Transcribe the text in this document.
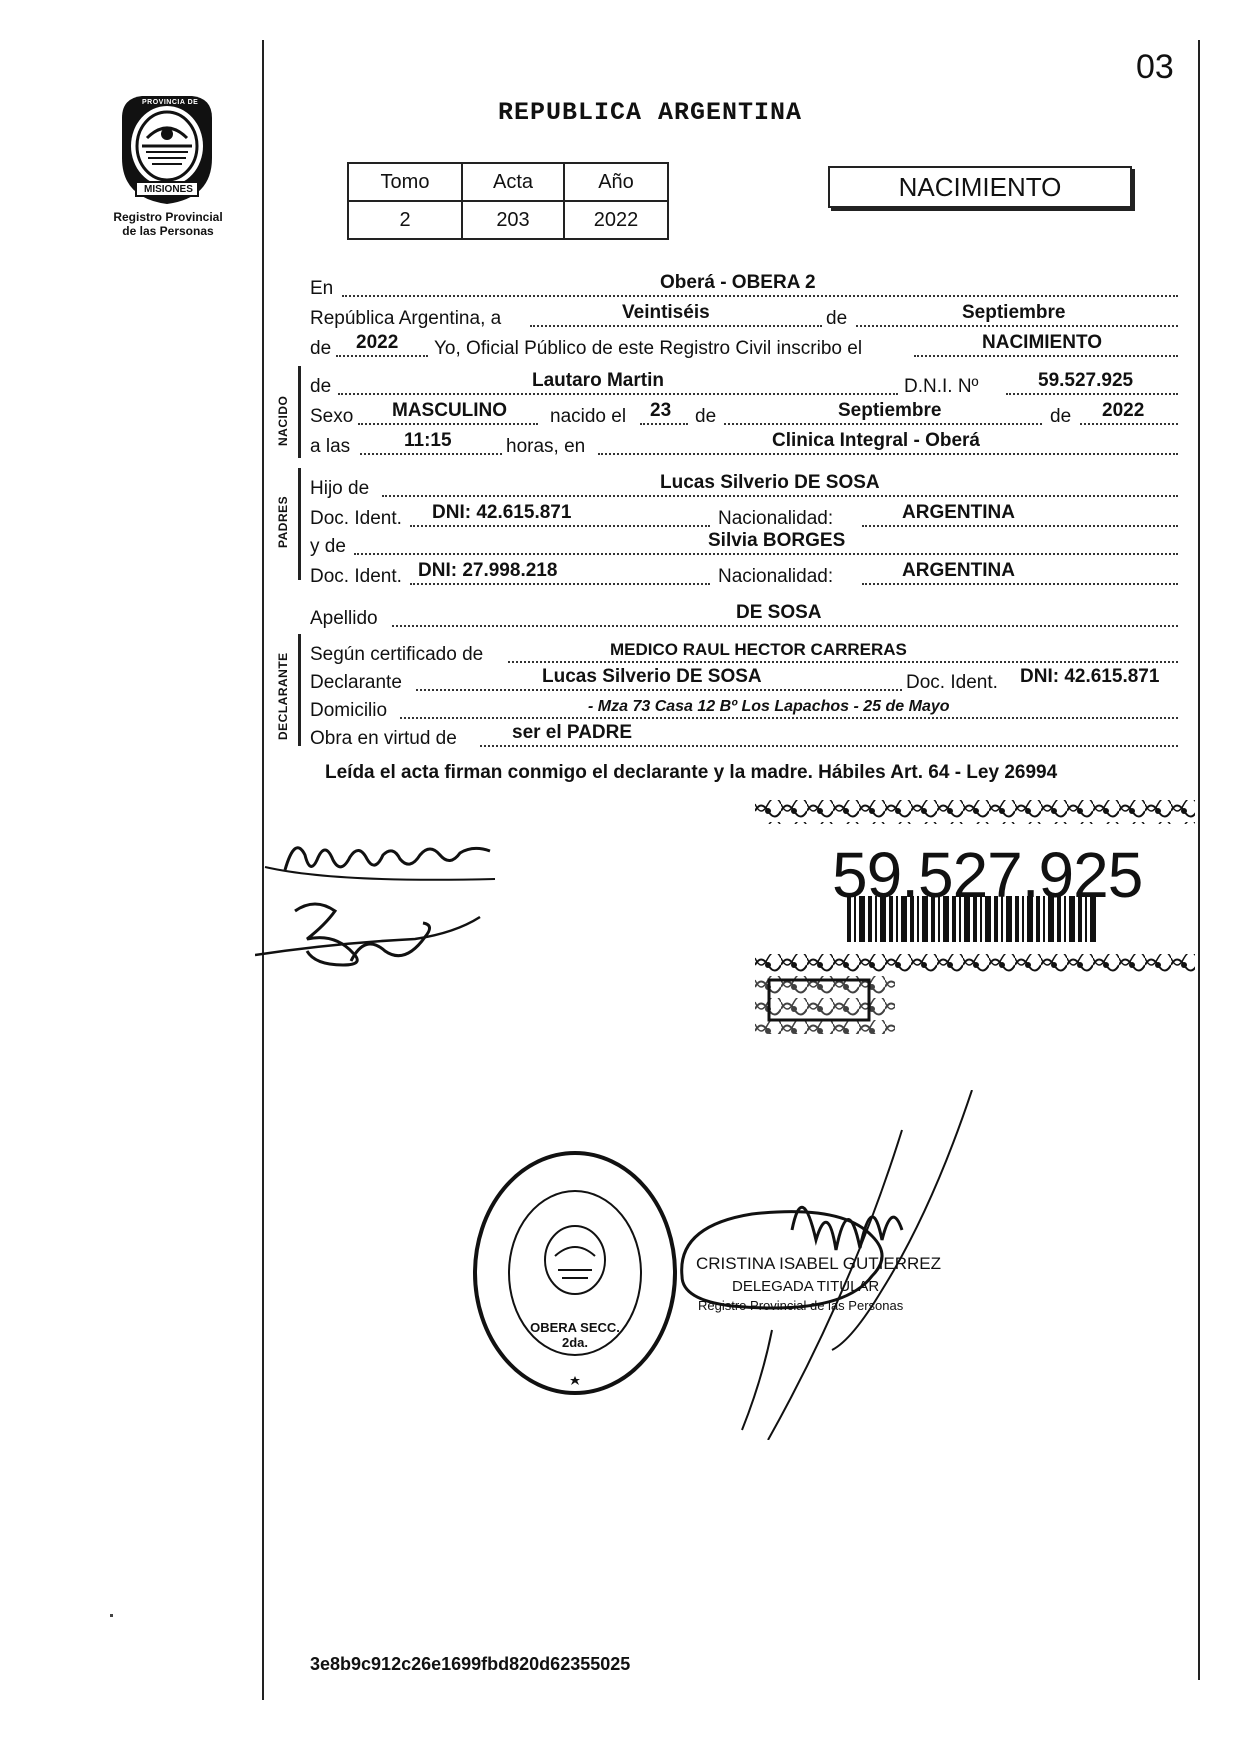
03
PROVINCIA DE
MISIONES
Registro Provincial
de las Personas
REPUBLICA ARGENTINA
Tomo	Acta	Año
2	203	2022
NACIMIENTO
En	Oberá - OBERA 2
República Argentina, a	Veintiséis	de	Septiembre
de 2022 Yo, Oficial Público de este Registro Civil inscribo el	NACIMIENTO
NACIDO
de	Lautaro Martin	D.N.I. Nº	59.527.925
Sexo MASCULINO nacido el 23 de	Septiembre	de 2022
a las	11:15	horas, en	Clinica Integral - Oberá
PADRES
Hijo de	Lucas Silverio DE SOSA
Doc. Ident. DNI: 42.615.871	Nacionalidad:	ARGENTINA
y de	Silvia BORGES
Doc. Ident. DNI: 27.998.218	Nacionalidad:	ARGENTINA
Apellido	DE SOSA
DECLARANTE Según certificado de	MEDICO RAUL HECTOR CARRERAS
Declarante	Lucas Silverio DE SOSA	Doc. Ident. DNI: 42.615.871
Domicilio	- Mza 73 Casa 12 Bº Los Lapachos - 25 de Mayo
Obra en virtud de	ser el PADRE
Leída el acta firman conmigo el declarante y la madre. Hábiles Art. 64 - Ley 26994
59.527.925
OBERA SECC. 2da.
CRISTINA ISABEL GUTIERREZ
DELEGADA TITULAR
Registro Provincial de las Personas
3e8b9c912c26e1699fbd820d62355025
